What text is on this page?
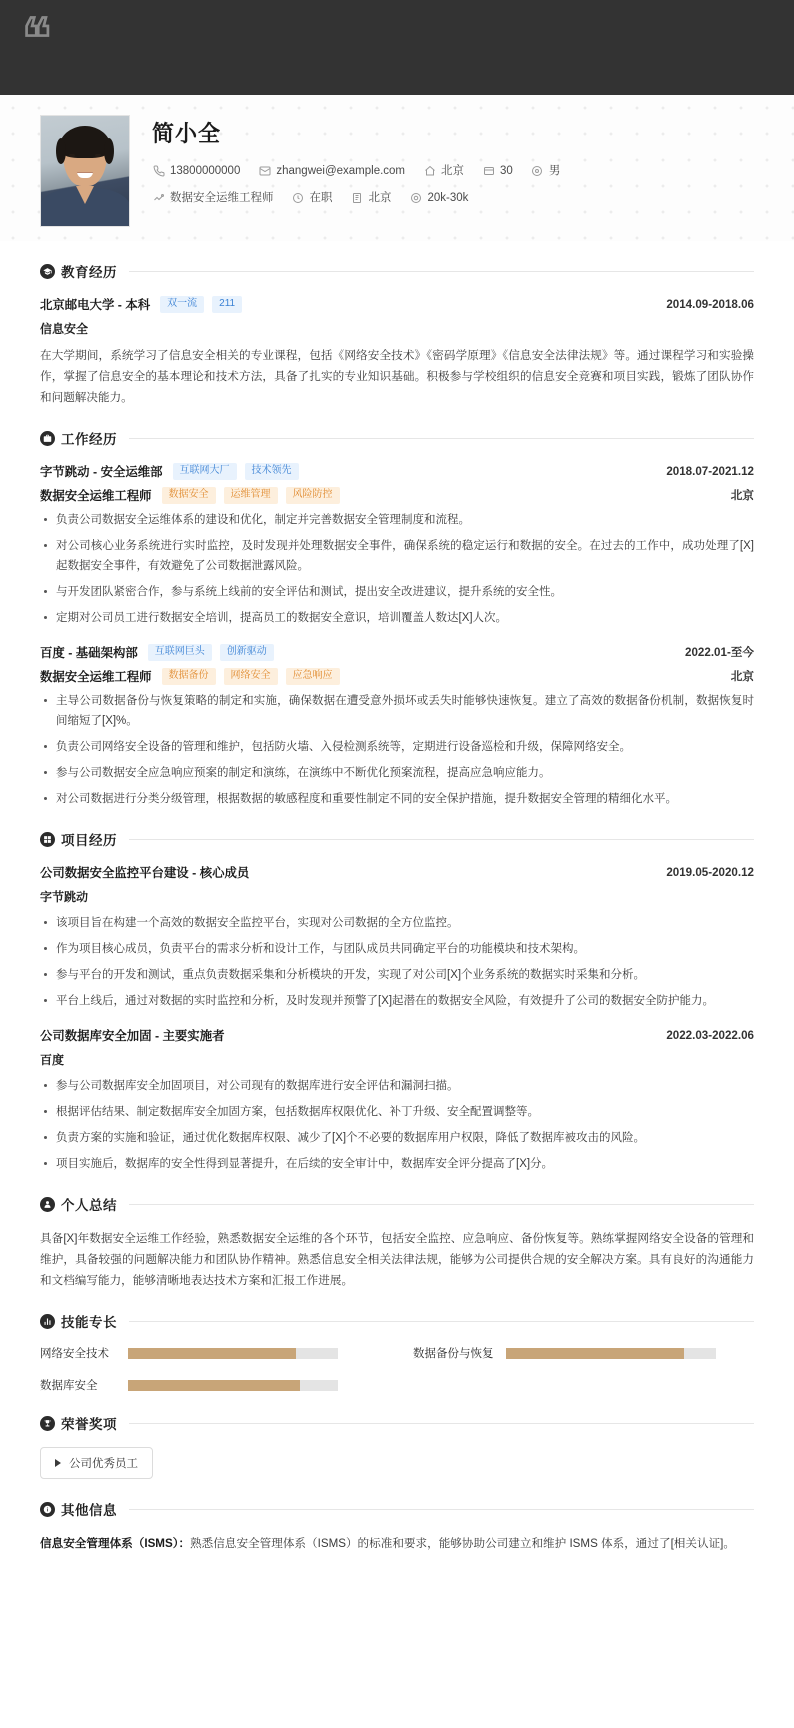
❝
简小全
13800000000	zhangwei@example.com	北京	30	男
数据安全运维工程师	在职	北京	20k-30k
教育经历
北京邮电大学 - 本科	双一流	211	2014.09-2018.06
信息安全
在大学期间，系统学习了信息安全相关的专业课程，包括《网络安全技术》《密码学原理》《信息安全法律法规》等。通过课程学习和实验操作，掌握了信息安全的基本理论和技术方法，具备了扎实的专业知识基础。积极参与学校组织的信息安全竞赛和项目实践，锻炼了团队协作和问题解决能力。
工作经历
字节跳动 - 安全运维部	互联网大厂	技术领先	2018.07-2021.12
数据安全运维工程师	数据安全	运维管理	风险防控	北京
负责公司数据安全运维体系的建设和优化，制定并完善数据安全管理制度和流程。
对公司核心业务系统进行实时监控，及时发现并处理数据安全事件，确保系统的稳定运行和数据的安全。在过去的工作中，成功处理了[X]起数据安全事件，有效避免了公司数据泄露风险。
与开发团队紧密合作，参与系统上线前的安全评估和测试，提出安全改进建议，提升系统的安全性。
定期对公司员工进行数据安全培训，提高员工的数据安全意识，培训覆盖人数达[X]人次。
百度 - 基础架构部	互联网巨头	创新驱动	2022.01-至今
数据安全运维工程师	数据备份	网络安全	应急响应	北京
主导公司数据备份与恢复策略的制定和实施，确保数据在遭受意外损坏或丢失时能够快速恢复。建立了高效的数据备份机制，数据恢复时间缩短了[X]%。
负责公司网络安全设备的管理和维护，包括防火墙、入侵检测系统等，定期进行设备巡检和升级，保障网络安全。
参与公司数据安全应急响应预案的制定和演练，在演练中不断优化预案流程，提高应急响应能力。
对公司数据进行分类分级管理，根据数据的敏感程度和重要性制定不同的安全保护措施，提升数据安全管理的精细化水平。
项目经历
公司数据安全监控平台建设 - 核心成员	2019.05-2020.12
字节跳动
该项目旨在构建一个高效的数据安全监控平台，实现对公司数据的全方位监控。
作为项目核心成员，负责平台的需求分析和设计工作，与团队成员共同确定平台的功能模块和技术架构。
参与平台的开发和测试，重点负责数据采集和分析模块的开发，实现了对公司[X]个业务系统的数据实时采集和分析。
平台上线后，通过对数据的实时监控和分析，及时发现并预警了[X]起潜在的数据安全风险，有效提升了公司的数据安全防护能力。
公司数据库安全加固 - 主要实施者	2022.03-2022.06
百度
参与公司数据库安全加固项目，对公司现有的数据库进行安全评估和漏洞扫描。
根据评估结果、制定数据库安全加固方案，包括数据库权限优化、补丁升级、安全配置调整等。
负责方案的实施和验证，通过优化数据库权限、减少了[X]个不必要的数据库用户权限，降低了数据库被攻击的风险。
项目实施后，数据库的安全性得到显著提升，在后续的安全审计中，数据库安全评分提高了[X]分。
个人总结
具备[X]年数据安全运维工作经验，熟悉数据安全运维的各个环节，包括安全监控、应急响应、备份恢复等。熟练掌握网络安全设备的管理和维护，具备较强的问题解决能力和团队协作精神。熟悉信息安全相关法律法规，能够为公司提供合规的安全解决方案。具有良好的沟通能力和文档编写能力，能够清晰地表达技术方案和汇报工作进展。
技能专长
网络安全技术	数据备份与恢复
数据库安全
荣誉奖项
公司优秀员工
其他信息
信息安全管理体系（ISMS）：熟悉信息安全管理体系（ISMS）的标准和要求，能够协助公司建立和维护 ISMS 体系，通过了[相关认证]。
